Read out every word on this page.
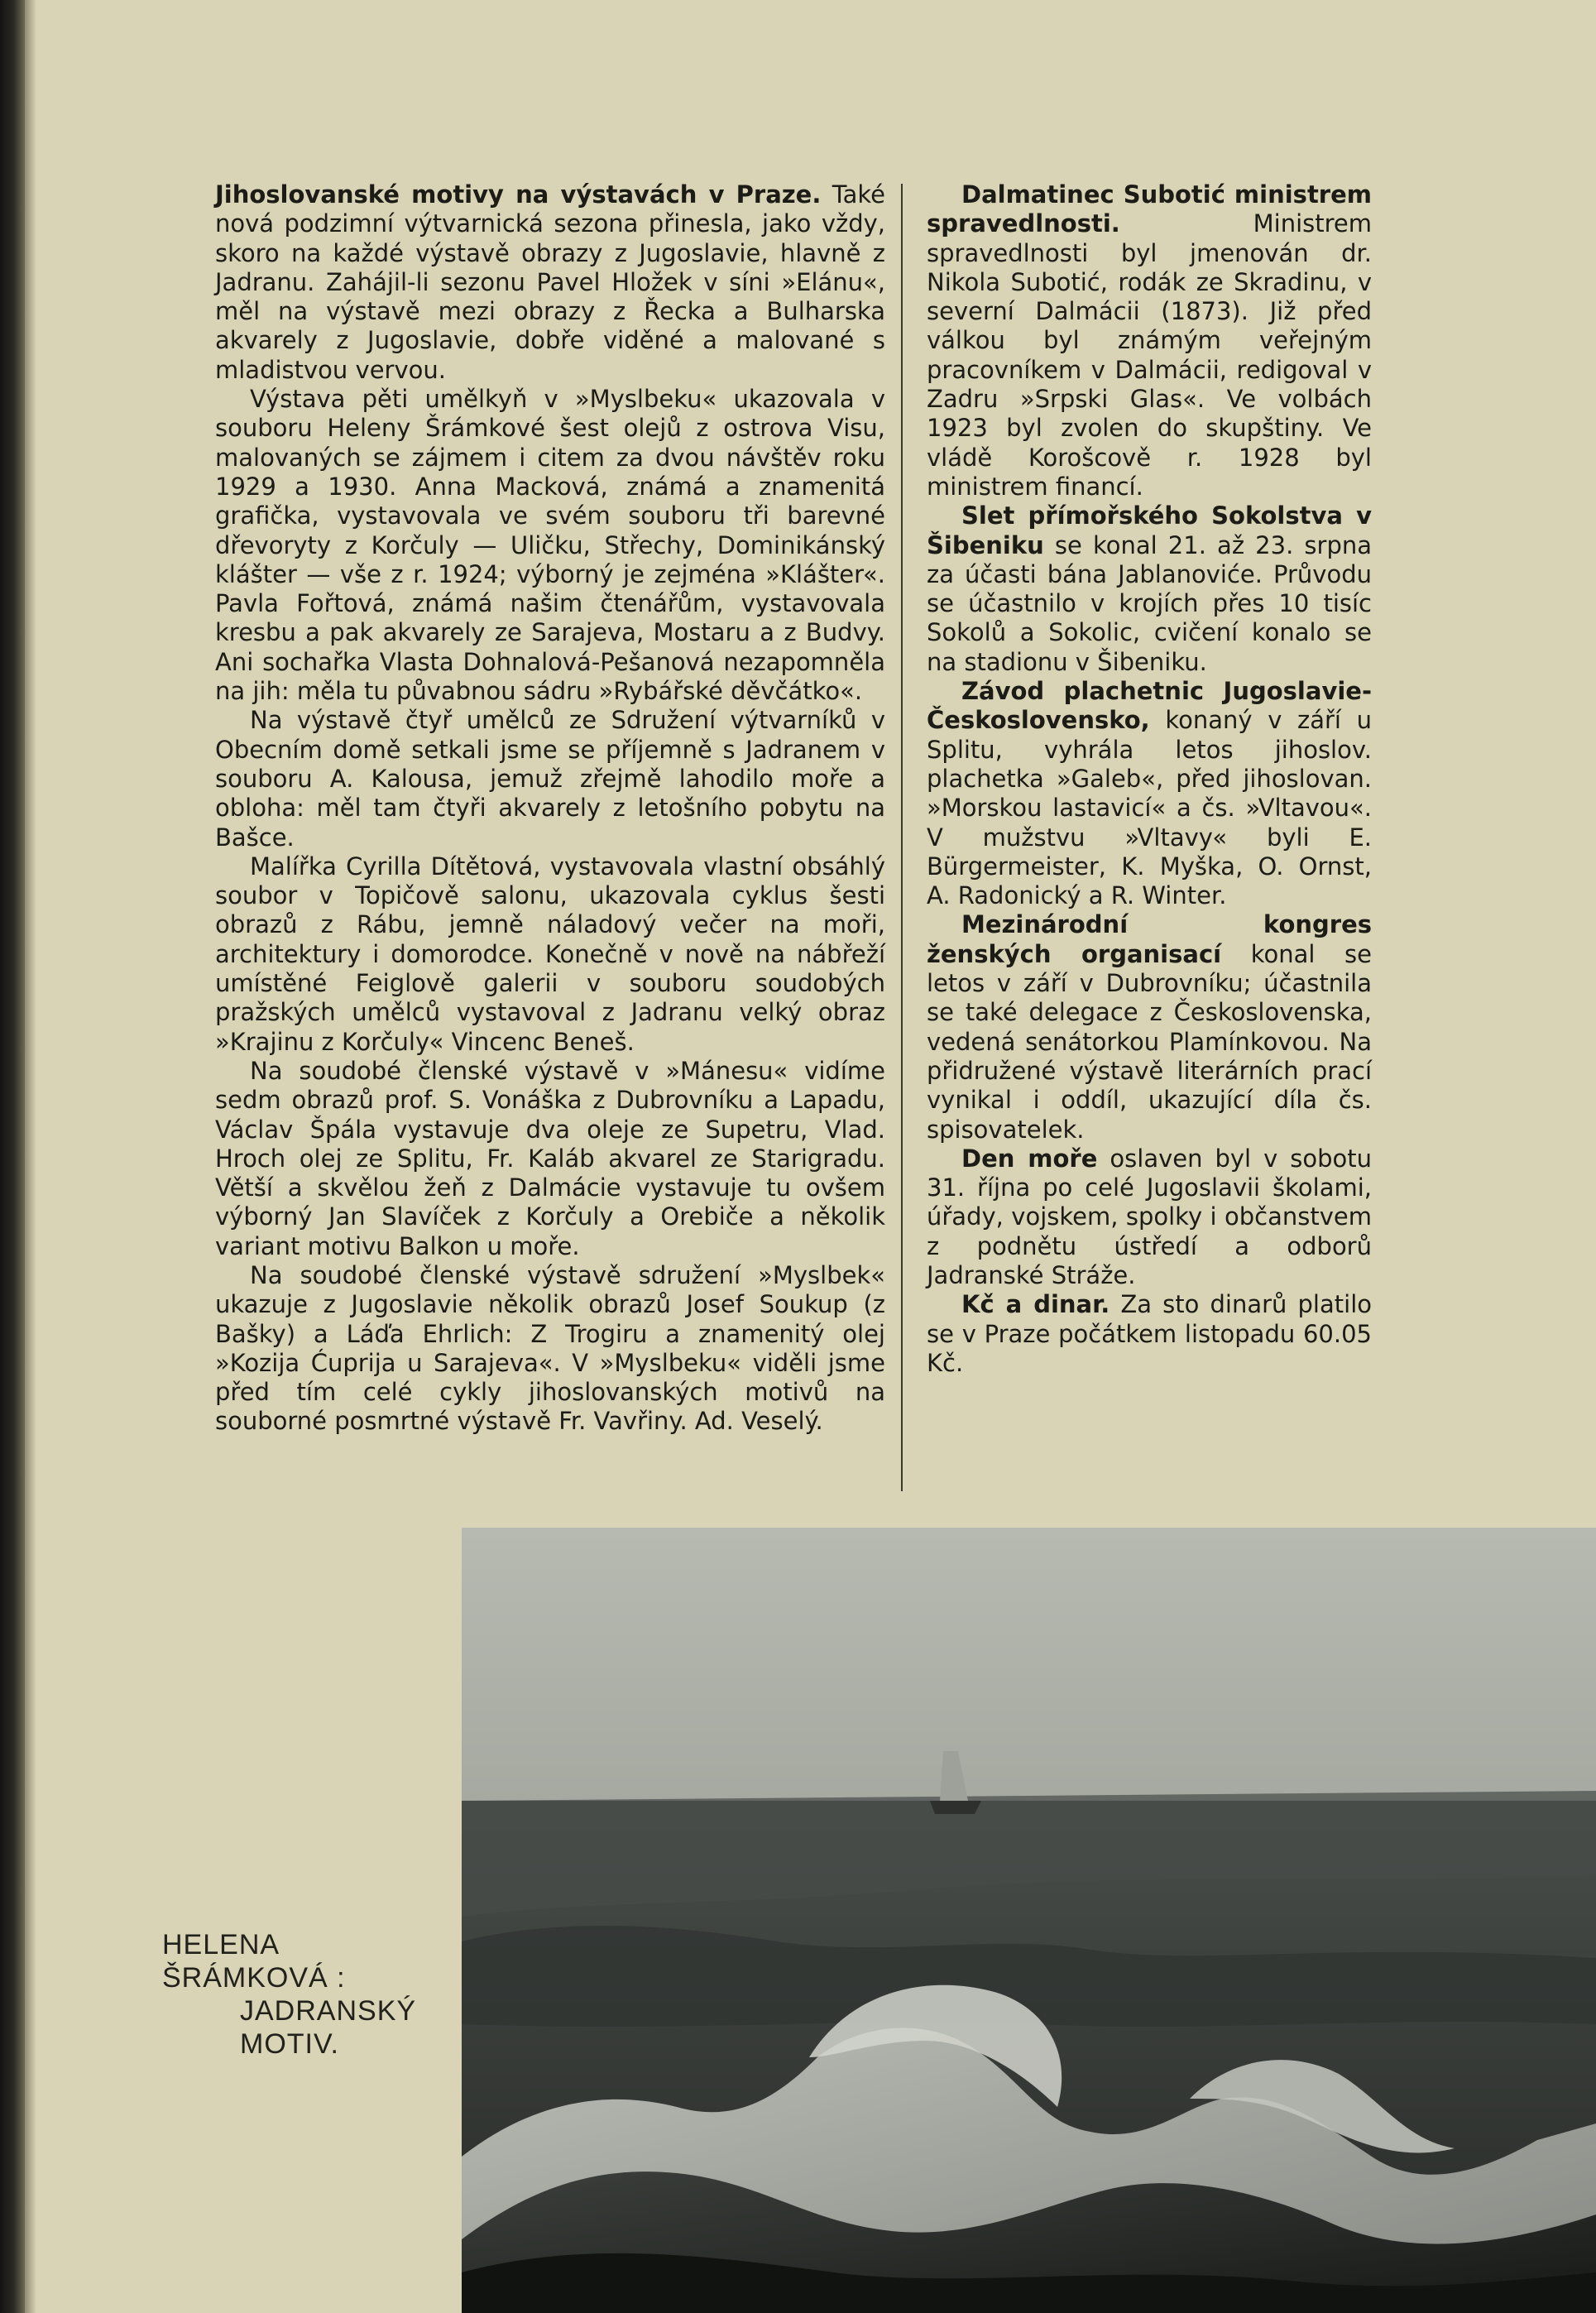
Jihoslovanské motivy na výstavách v Praze. Také nová podzimní výtvarnická sezona přinesla, jako vždy, skoro na každé výstavě obrazy z Jugoslavie, hlavně z Jadranu. Zahájil-li sezonu Pavel Hložek v síni »Elánu«, měl na výstavě mezi obrazy z Řecka a Bulharska akvarely z Jugoslavie, dobře viděné a malované s mladistvou vervou.

Výstava pěti umělkyň v »Myslbeku« ukazovala v souboru Heleny Šrámkové šest olejů z ostrova Visu, malovaných se zájmem i citem za dvou návštěv roku 1929 a 1930. Anna Macková, známá a znamenitá grafička, vystavovala ve svém souboru tři barevné dřevoryty z Korčuly — Uličku, Střechy, Dominikánský klášter — vše z r. 1924; výborný je zejména »Klášter«. Pavla Fořtová, známá našim čtenářům, vystavovala kresbu a pak akvarely ze Sarajeva, Mostaru a z Budvy. Ani sochařka Vlasta Dohnalová-Pešanová nezapomněla na jih: měla tu půvabnou sádru »Rybářské děvčátko«.

Na výstavě čtyř umělců ze Sdružení výtvarníků v Obecním domě setkali jsme se příjemně s Jadranem v souboru A. Kalousa, jemuž zřejmě lahodilo moře a obloha: měl tam čtyři akvarely z letošního pobytu na Bašce.

Malířka Cyrilla Dítětová, vystavovala vlastní obsáhlý soubor v Topičově salonu, ukazovala cyklus šesti obrazů z Rábu, jemně náladový večer na moři, architektury i domorodce. Konečně v nově na nábřeží umístěné Feiglově galerii v souboru soudobých pražských umělců vystavoval z Jadranu velký obraz »Krajinu z Korčuly« Vincenc Beneš.

Na soudobé členské výstavě v »Mánesu« vidíme sedm obrazů prof. S. Vonáška z Dubrovníku a Lapadu, Václav Špála vystavuje dva oleje ze Supetru, Vlad. Hroch olej ze Splitu, Fr. Kaláb akvarel ze Starigradu. Větší a skvělou žeň z Dalmácie vystavuje tu ovšem výborný Jan Slavíček z Korčuly a Orebiče a několik variant motivu Balkon u moře.

Na soudobé členské výstavě sdružení »Myslbek« ukazuje z Jugoslavie několik obrazů Josef Soukup (z Bašky) a Láďa Ehrlich: Z Trogiru a znamenitý olej »Kozija Ćuprija u Sarajeva«. V »Myslbeku« viděli jsme před tím celé cykly jihoslovanských motivů na souborné posmrtné výstavě Fr. Vavřiny. Ad. Veselý.

Dalmatinec Subotić ministrem spravedlnosti.	Ministrem spravedlnosti byl jmenován dr. Nikola Subotić, rodák ze Skradinu, v severní Dalmácii (1873). Již před válkou byl známým veřejným pracovníkem v Dalmácii, redigoval v Zadru »Srpski Glas«. Ve volbách 1923 byl zvolen do skupštiny. Ve vládě Korošcově r. 1928 byl ministrem financí.

Slet přímořského Sokolstva v Šibeniku se konal 21. až 23. srpna za účasti bána Jablanoviće. Průvodu se účastnilo v krojích přes 10 tisíc Sokolů a Sokolic, cvičení konalo se na stadionu v Šibeniku.

Závod plachetnic Jugoslavie-Československo, konaný v září u Splitu, vyhrála letos jihoslov. plachetka »Galeb«, před jihoslovan. »Morskou lastavicí« a čs. »Vltavou«. V mužstvu »Vltavy« byli E. Bürgermeister, K. Myška, O. Ornst, A. Radonický a R. Winter.

Mezinárodní kongres ženských organisací konal se letos v září v Dubrovníku; účastnila se také delegace z Československa, vedená senátorkou Plamínkovou. Na přidružené výstavě literárních prací vynikal i oddíl, ukazující díla čs. spisovatelek.

Den moře oslaven byl v sobotu 31. října po celé Jugoslavii školami, úřady, vojskem, spolky i občanstvem z podnětu ústředí a odborů Jadranské Stráže.

Kč a dinar. Za sto dinarů platilo se v Praze počátkem listopadu 60.05 Kč.

HELENA
ŠRÁMKOVÁ :
JADRANSKÝ
MOTIV.
